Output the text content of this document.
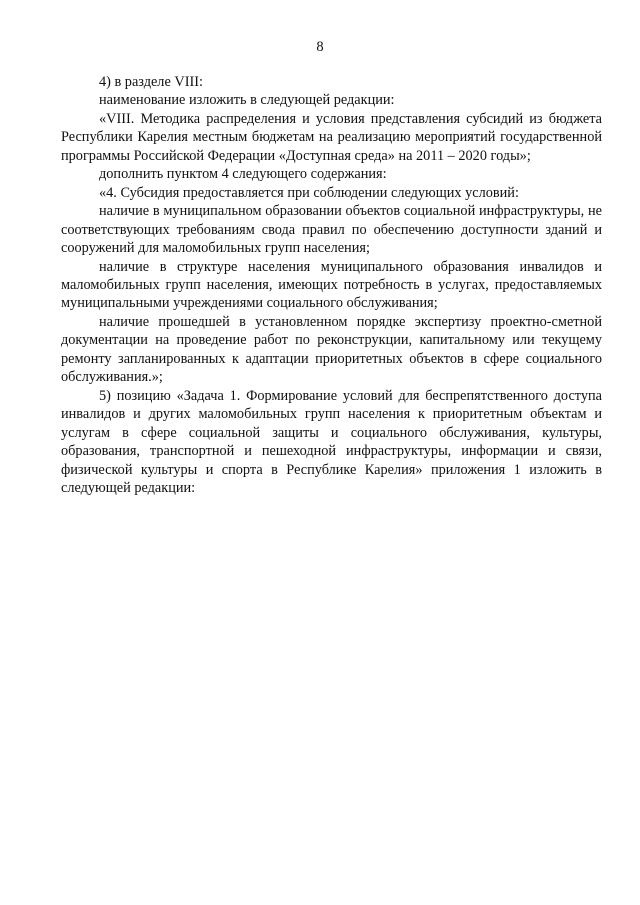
8

4) в разделе VIII:

наименование изложить в следующей редакции:

«VIII. Методика распределения и условия представления субсидий из бюджета Республики Карелия местным бюджетам на реализацию мероприятий государственной программы Российской Федерации «Доступная среда» на 2011 – 2020 годы»;

дополнить пунктом 4 следующего содержания:

«4. Субсидия предоставляется при соблюдении следующих условий:

наличие в муниципальном образовании объектов социальной инфраструктуры, не соответствующих требованиям свода правил по обеспечению доступности зданий и сооружений для маломобильных групп населения;

наличие в структуре населения муниципального образования инвалидов и маломобильных групп населения, имеющих потребность в услугах, предоставляемых муниципальными учреждениями социального обслуживания;

наличие прошедшей в установленном порядке экспертизу проектно-сметной документации на проведение работ по реконструкции, капитальному или текущему ремонту запланированных к адаптации приоритетных объектов в сфере социального обслуживания.»;

5) позицию «Задача 1. Формирование условий для беспрепятственного доступа инвалидов и других маломобильных групп населения к приоритетным объектам и услугам в сфере социальной защиты и социального обслуживания, культуры, образования, транспортной и пешеходной инфраструктуры, информации и связи, физической культуры и спорта в Республике Карелия» приложения 1 изложить в следующей редакции:
